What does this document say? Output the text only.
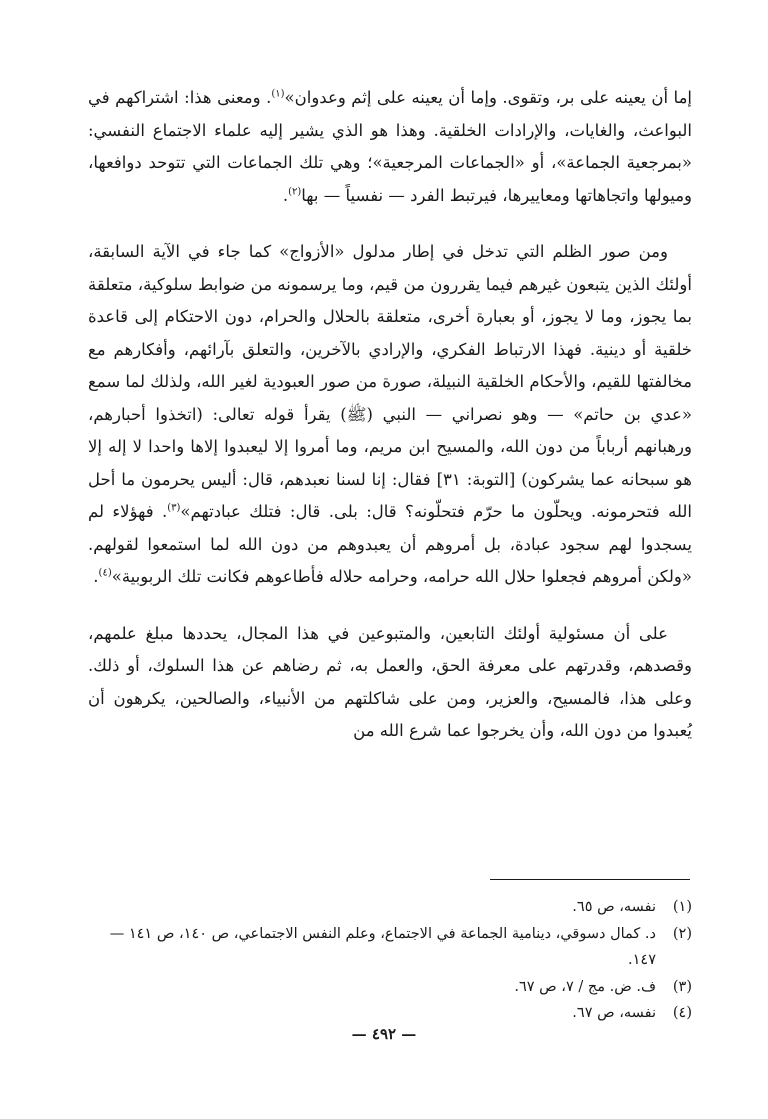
إما أن يعينه على بر، وتقوى. وإما أن يعينه على إثم وعدوان»$^{(١)}$. ومعنى هذا: اشتراكهم في البواعث، والغايات، والإرادات الخلقية. وهذا هو الذي يشير إليه علماء الاجتماع النفسي: «بمرجعية الجماعة»، أو «الجماعات المرجعية»؛ وهي تلك الجماعات التي تتوحد دوافعها، وميولها واتجاهاتها ومعاييرها، فيرتبط الفرد — نفسياً — بها$^{(٢)}$.

ومن صور الظلم التي تدخل في إطار مدلول «الأزواج» كما جاء في الآية السابقة، أولئك الذين يتبعون غيرهم فيما يقررون من قيم، وما يرسمونه من ضوابط سلوكية، متعلقة بما يجوز، وما لا يجوز، أو بعبارة أخرى، متعلقة بالحلال والحرام، دون الاحتكام إلى قاعدة خلقية أو دينية. فهذا الارتباط الفكري، والإرادي بالآخرين، والتعلق بآرائهم، وأفكارهم مع مخالفتها للقيم، والأحكام الخلقية النبيلة، صورة من صور العبودية لغير الله، ولذلك لما سمع «عدي بن حاتم» — وهو نصراني — النبي (ﷺ) يقرأ قوله تعالى: (اتخذوا أحبارهم، ورهبانهم أرباباً من دون الله، والمسيح ابن مريم، وما أمروا إلا ليعبدوا إلاها واحدا لا إله إلا هو سبحانه عما يشركون) [التوبة: ٣١] فقال: إنا لسنا نعبدهم، قال: أليس يحرمون ما أحل الله فتحرمونه. ويحلّون ما حرّم فتحلّونه؟ قال: بلى. قال: فتلك عبادتهم»$^{(٣)}$. فهؤلاء لم يسجدوا لهم سجود عبادة، بل أمروهم أن يعبدوهم من دون الله لما استمعوا لقولهم. «ولكن أمروهم فجعلوا حلال الله حرامه، وحرامه حلاله فأطاعوهم فكانت تلك الربوبية»$^{(٤)}$.

على أن مسئولية أولئك التابعين، والمتبوعين في هذا المجال، يحددها مبلغ علمهم، وقصدهم، وقدرتهم على معرفة الحق، والعمل به، ثم رضاهم عن هذا السلوك، أو ذلك. وعلى هذا، فالمسيح، والعزير، ومن على شاكلتهم من الأنبياء، والصالحين، يكرهون أن يُعبدوا من دون الله، وأن يخرجوا عما شرع الله من

(١)
نفسه، ص ٦٥.
(٢)
د. كمال دسوقي، دينامية الجماعة في الاجتماع، وعلم النفس الاجتماعي، ص ١٤٠، ص ١٤١ — ١٤٧.
(٣)
ف. ض. مج / ٧، ص ٦٧.
(٤)
نفسه، ص ٦٧.
— ٤٩٢ —
